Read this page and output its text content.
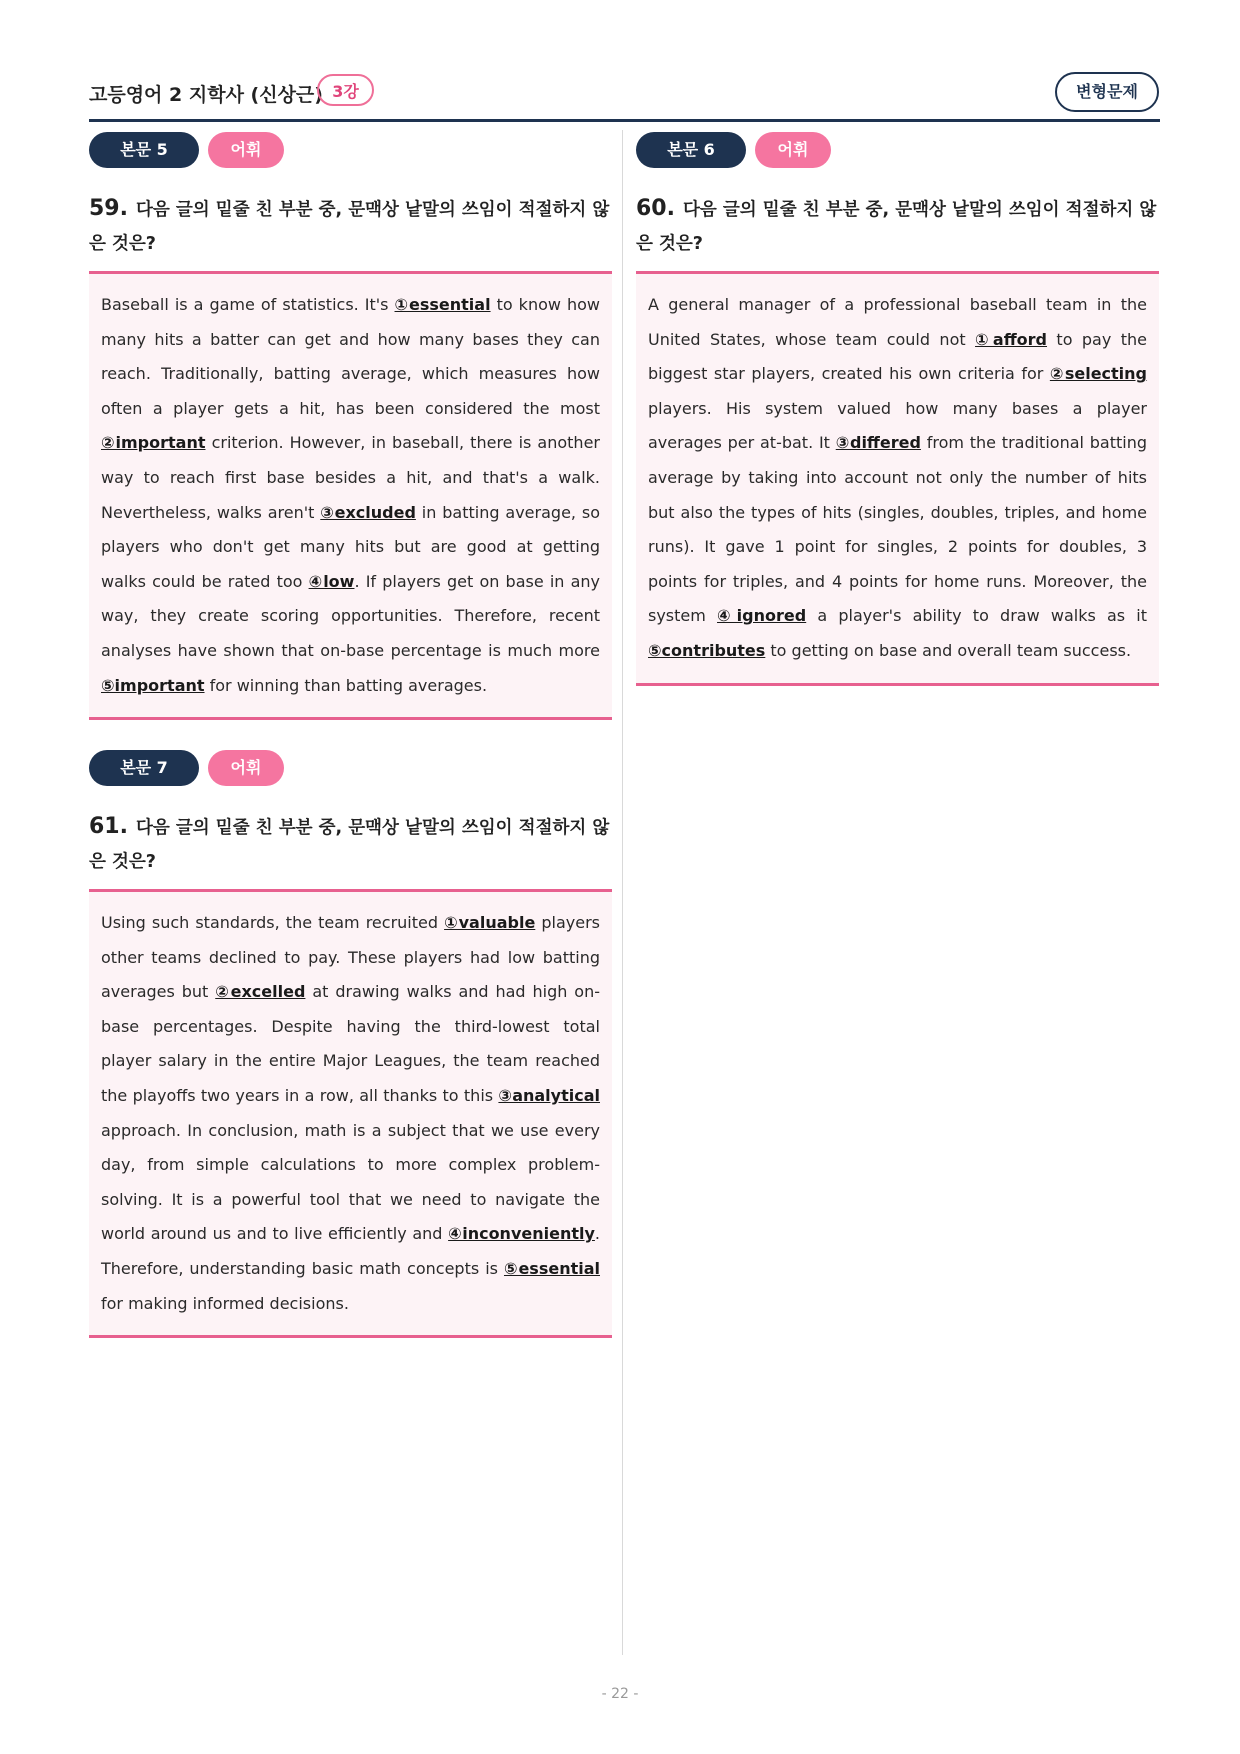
고등영어 2 지학사 (신상근) 3강	변형문제
본문 5	어휘
59. 다음 글의 밑줄 친 부분 중, 문맥상 낱말의 쓰임이 적절하지 않은 것은?
Baseball is a game of statistics. It's ①essential to know how many hits a batter can get and how many bases they can reach. Traditionally, batting average, which measures how often a player gets a hit, has been considered the most ②important criterion. However, in baseball, there is another way to reach first base besides a hit, and that's a walk. Nevertheless, walks aren't ③excluded in batting average, so players who don't get many hits but are good at getting walks could be rated too ④low. If players get on base in any way, they create scoring opportunities. Therefore, recent analyses have shown that on-base percentage is much more ⑤important for winning than batting averages.
본문 6	어휘
60. 다음 글의 밑줄 친 부분 중, 문맥상 낱말의 쓰임이 적절하지 않은 것은?
A general manager of a professional baseball team in the United States, whose team could not ①afford to pay the biggest star players, created his own criteria for ②selecting players. His system valued how many bases a player averages per at-bat. It ③differed from the traditional batting average by taking into account not only the number of hits but also the types of hits (singles, doubles, triples, and home runs). It gave 1 point for singles, 2 points for doubles, 3 points for triples, and 4 points for home runs. Moreover, the system ④ignored a player's ability to draw walks as it ⑤contributes to getting on base and overall team success.
본문 7	어휘
61. 다음 글의 밑줄 친 부분 중, 문맥상 낱말의 쓰임이 적절하지 않은 것은?
Using such standards, the team recruited ①valuable players other teams declined to pay. These players had low batting averages but ②excelled at drawing walks and had high on-base percentages. Despite having the third-lowest total player salary in the entire Major Leagues, the team reached the playoffs two years in a row, all thanks to this ③analytical approach. In conclusion, math is a subject that we use every day, from simple calculations to more complex problem-solving. It is a powerful tool that we need to navigate the world around us and to live efficiently and ④inconveniently. Therefore, understanding basic math concepts is ⑤essential for making informed decisions.
- 22 -
